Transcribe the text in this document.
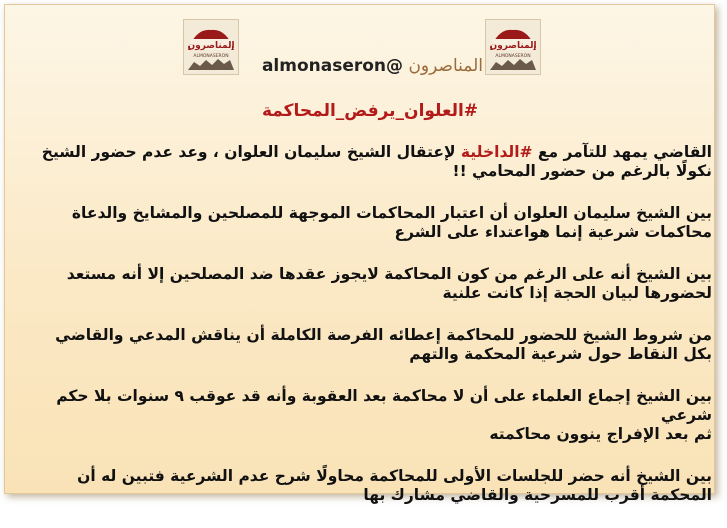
المناصرون
ALMONASERON
المناصرون
ALMONASERON
المناصرون @almonaseron
#العلوان_يرفض_المحاكمة
القاضي يمهد للتآمر مع #الداخلية لإعتقال الشيخ سليمان العلوان ، وعد عدم حضور الشيخ نكولًا بالرغم من حضور المحامي !!
بين الشيخ سليمان العلوان أن اعتبار المحاكمات الموجهة للمصلحين والمشايخ والدعاة محاكمات شرعية إنما هواعتداء على الشرع
بين الشيخ أنه على الرغم من كون المحاكمة لايجوز عقدها ضد المصلحين إلا أنه مستعد لحضورها لبيان الحجة إذا كانت علنية
من شروط الشيخ للحضور للمحاكمة إعطائه الفرصة الكاملة أن يناقش المدعي والقاضي بكل النقاط حول شرعية المحكمة والتهم

بين الشيخ إجماع العلماء على أن لا محاكمة بعد العقوبة وأنه قد عوقب ٩ سنوات بلا حكم شرعي

ثم بعد الإفراج ينوون محاكمته

بين الشيخ أنه حضر للجلسات الأولى للمحاكمة محاولًا شرح عدم الشرعية فتبين له أن المحكمة أقرب للمسرحية والقاضي مشارك بها
